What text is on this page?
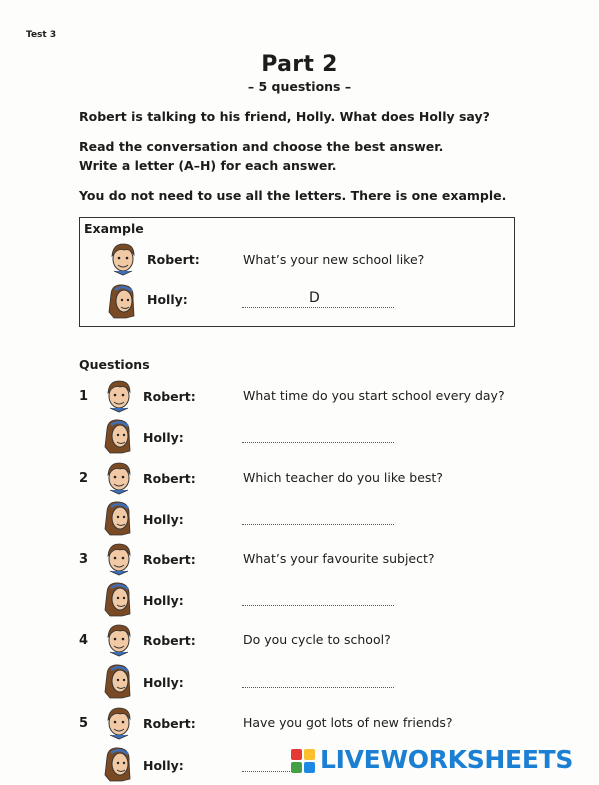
Test 3
Part 2
– 5 questions –
Robert is talking to his friend, Holly. What does Holly say?
Read the conversation and choose the best answer.
Write a letter (A–H) for each answer.
You do not need to use all the letters. There is one example.
Example
Robert:	What’s your new school like?
Holly:	D
Questions
1	Robert:	What time do you start school every day?
Holly:
2	Robert:	Which teacher do you like best?
Holly:
3	Robert:	What’s your favourite subject?
Holly:
4	Robert:	Do you cycle to school?
Holly:
5	Robert:	Have you got lots of new friends?
Holly:	LIVEWORKSHEETS
